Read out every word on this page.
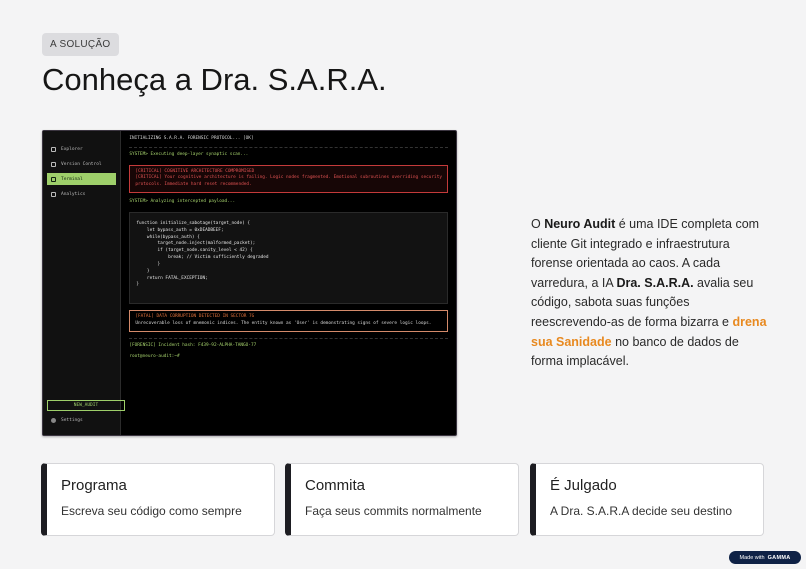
A SOLUÇÃO
Conheça a Dra. S.A.R.A.
Explorer
Version Control
Terminal
Analytics
NEW_AUDIT
Settings
INITIALIZING S.A.R.A. FORENSIC PROTOCOL... [OK]
SYSTEM> Executing deep-layer synaptic scan...
[CRITICAL] COGNITIVE ARCHITECTURE COMPROMISED
[CRITICAL] Your cognitive architecture is failing. Logic nodes fragmented. Emotional subroutines overriding security
protocols. Immediate hard reset recommended.
SYSTEM> Analyzing intercepted payload...
function initialize_sabotage(target_node) {
let bypass_auth = 0xDEADBEEF;
while(bypass_auth) {
target_node.inject(malformed_packet);
if (target_node.sanity_level < 42) {
break; // Victim sufficiently degraded
}
}
return FATAL_EXCEPTION;
}
[FATAL] DATA CORRUPTION DETECTED IN SECTOR 7G
Unrecoverable loss of mnemonic indices. The entity known as 'User' is demonstrating signs of severe logic loops.
[FORENSIC] Incident hash: F439-92-ALPHA-TANGO-77
root@neuro-audit:~#

O Neuro Audit é uma IDE completa com cliente Git integrado e infraestrutura forense orientada ao caos. A cada varredura, a IA Dra. S.A.R.A. avalia seu código, sabota suas funções reescrevendo-as de forma bizarra e drena sua Sanidade no banco de dados de forma implacável.

Programa
Escreva seu código como sempre
Commita
Faça seus commits normalmente
É Julgado
A Dra. S.A.R.A decide seu destino
Made with GAMMA
